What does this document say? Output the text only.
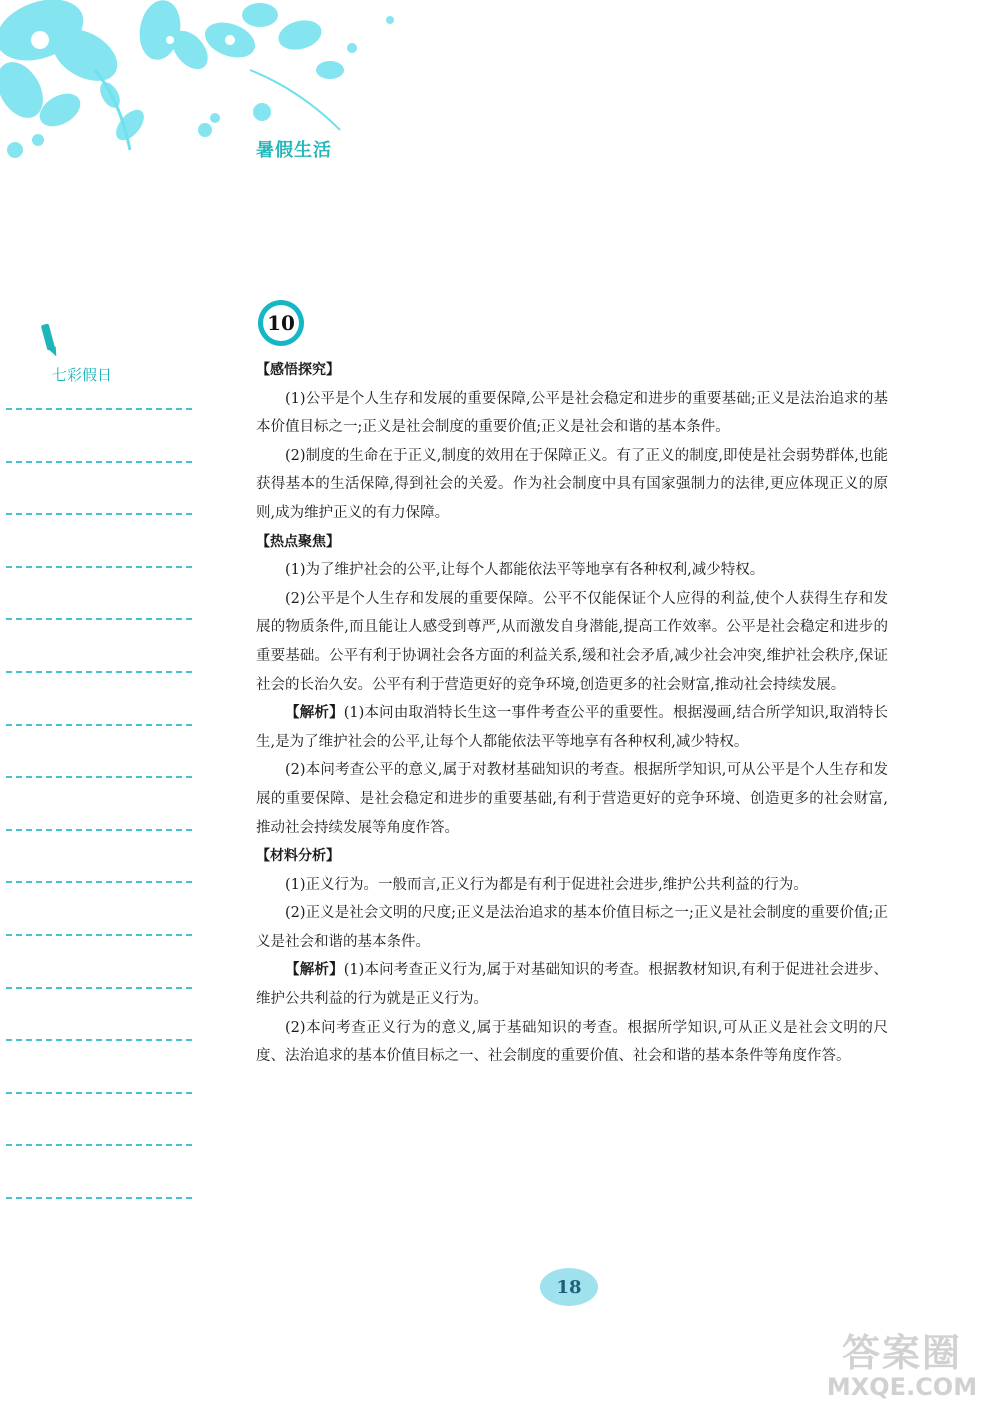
暑假生活
七彩假日
10
【感悟探究】

(1)公平是个人生存和发展的重要保障,公平是社会稳定和进步的重要基础;正义是法治追求的基本价值目标之一;正义是社会制度的重要价值;正义是社会和谐的基本条件。

(2)制度的生命在于正义,制度的效用在于保障正义。有了正义的制度,即使是社会弱势群体,也能获得基本的生活保障,得到社会的关爱。作为社会制度中具有国家强制力的法律,更应体现正义的原则,成为维护正义的有力保障。

【热点聚焦】

(1)为了维护社会的公平,让每个人都能依法平等地享有各种权利,减少特权。

(2)公平是个人生存和发展的重要保障。公平不仅能保证个人应得的利益,使个人获得生存和发展的物质条件,而且能让人感受到尊严,从而激发自身潜能,提高工作效率。公平是社会稳定和进步的重要基础。公平有利于协调社会各方面的利益关系,缓和社会矛盾,减少社会冲突,维护社会秩序,保证社会的长治久安。公平有利于营造更好的竞争环境,创造更多的社会财富,推动社会持续发展。

【解析】(1)本问由取消特长生这一事件考查公平的重要性。根据漫画,结合所学知识,取消特长生,是为了维护社会的公平,让每个人都能依法平等地享有各种权利,减少特权。

(2)本问考查公平的意义,属于对教材基础知识的考查。根据所学知识,可从公平是个人生存和发展的重要保障、是社会稳定和进步的重要基础,有利于营造更好的竞争环境、创造更多的社会财富,推动社会持续发展等角度作答。

【材料分析】

(1)正义行为。一般而言,正义行为都是有利于促进社会进步,维护公共利益的行为。

(2)正义是社会文明的尺度;正义是法治追求的基本价值目标之一;正义是社会制度的重要价值;正义是社会和谐的基本条件。

【解析】(1)本问考查正义行为,属于对基础知识的考查。根据教材知识,有利于促进社会进步、维护公共利益的行为就是正义行为。

(2)本问考查正义行为的意义,属于基础知识的考查。根据所学知识,可从正义是社会文明的尺度、法治追求的基本价值目标之一、社会制度的重要价值、社会和谐的基本条件等角度作答。

18
答案圈
MXQE.COM
